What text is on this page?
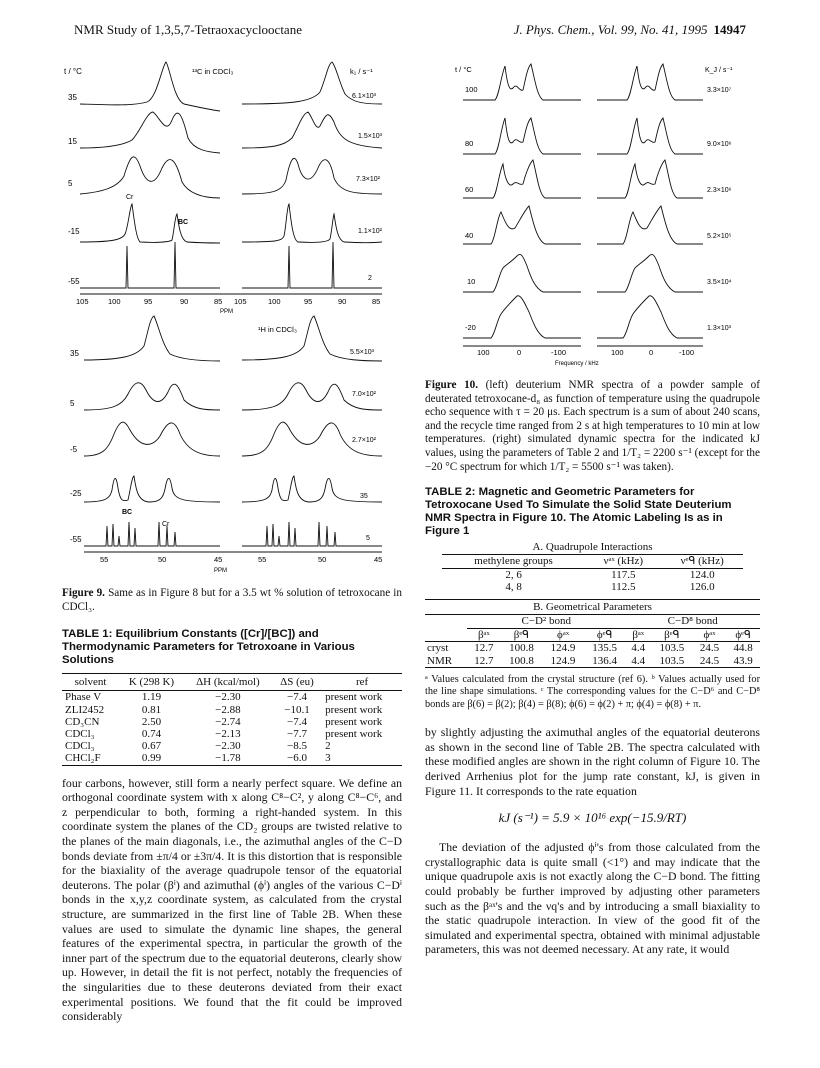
NMR Study of 1,3,5,7-Tetraoxacyclooctane	J. Phys. Chem., Vol. 99, No. 41, 1995 14947
t / °C	¹³C in CDCl₃	k₁ / s⁻¹
35
15
5
-15
-55
6.1×10³
1.5×10³
7.3×10²
1.1×10²
2
Cr
BC
105	100	95	90	85 105	100	95	90	85
PPM
¹H in CDCl₃
35
5
-5
-25
-55
5.5×10³
7.0×10²
2.7×10²
35
5
BC
Cr
55	50	45	55	50	45
PPM

Figure 9. Same as in Figure 8 but for a 3.5 wt % solution of tetroxocane in CDCl₃.

TABLE 1: Equilibrium Constants ([Cr]/[BC]) and Thermodynamic Parameters for Tetroxoane in Various Solutions

solvent	K (298 K)	ΔH (kcal/mol)	ΔS (eu)	ref
Phase V	1.19	−2.30	−7.4	present work
ZLI2452	0.81	−2.88	−10.1	present work
CD₃CN	2.50	−2.74	−7.4	present work
CDCl₃	0.74	−2.13	−7.7	present work
CDCl₃	0.67	−2.30	−8.5	2
CHCl₂F	0.99	−1.78	−6.0	3

four carbons, however, still form a nearly perfect square. We define an orthogonal coordinate system with x along C⁸−C², y along C⁸−C⁶, and z perpendicular to both, forming a right-handed system. In this coordinate system the planes of the CD₂ groups are twisted relative to the planes of the main diagonals, i.e., the azimuthal angles of the C−D bonds deviate from ±π/4 or ±3π/4. It is this distortion that is responsible for the biaxiality of the average quadrupole tensor of the equatorial deuterons. The polar (βⁱ) and azimuthal (ϕⁱ) angles of the various C−Dⁱ bonds in the x,y,z coordinate system, as calculated from the crystal structure, are summarized in the first line of Table 2B. When these values are used to simulate the dynamic line shapes, the general features of the experimental spectra, in particular the growth of the inner part of the spectrum due to the equatorial deuterons, clearly show up. However, in detail the fit is not perfect, notably the frequencies of the singularities due to these deuterons deviated from their exact experimental positions. We found that the fit could be improved considerably

t / °C	K_J / s⁻¹
100
80
60
40
10
-20
3.3×10⁷
9.0×10⁶
2.3×10⁶
5.2×10⁵
3.5×10⁴
1.3×10³
100	0	-100	100	0	-100
Frequency / kHz

Figure 10. (left) deuterium NMR spectra of a powder sample of deuterated tetroxocane-d₈ as function of temperature using the quadrupole echo sequence with τ = 20 μs. Each spectrum is a sum of about 240 scans, and the recycle time ranged from 2 s at high temperatures to 10 min at low temperatures. (right) simulated dynamic spectra for the indicated kJ values, using the parameters of Table 2 and 1/T₂ = 2200 s⁻¹ (except for the −20 °C spectrum for which 1/T₂ = 5500 s⁻¹ was taken).

TABLE 2: Magnetic and Geometric Parameters for Tetroxocane Used To Simulate the Solid State Deuterium NMR Spectra in Figure 10. The Atomic Labeling Is as in Figure 1

A. Quadrupole Interactions

methylene groups	νᵃˣ (kHz)	νᵉᑫ (kHz)
2, 6	117.5	124.0
4, 8	112.5	126.0

B. Geometrical Parameters

	C−D² bond				C−D⁸ bond			
	βᵃˣ	βᵉᑫ	ϕᵃˣ	ϕᵉᑫ	βᵃˣ	βᵉᑫ	ϕᵃˣ	ϕᵉᑫ
cryst	12.7	100.8	124.9	135.5	4.4	103.5	24.5	44.8
NMR	12.7	100.8	124.9	136.4	4.4	103.5	24.5	43.9

ᵃ Values calculated from the crystal structure (ref 6). ᵇ Values actually used for the line shape simulations. ᶜ The corresponding values for the C−D⁶ and C−D⁸ bonds are β(6) = β(2); β(4) = β(8); ϕ(6) = ϕ(2) + π; ϕ(4) = ϕ(8) + π.

by slightly adjusting the aximuthal angles of the equatorial deuterons as shown in the second line of Table 2B. The spectra calculated with these modified angles are shown in the right column of Figure 10. The derived Arrhenius plot for the jump rate constant, kJ, is given in Figure 11. It corresponds to the rate equation

kJ (s⁻¹) = 5.9 × 10¹⁶ exp(−15.9/RT)

The deviation of the adjusted ϕⁱ's from those calculated from the crystallographic data is quite small (<1°) and may indicate that the unique quadrupole axis is not exactly along the C−D bond. The fitting could probably be further improved by adjusting other parameters such as the βᵃˣ's and the νq's and by introducing a small biaxiality to the static quadrupole interaction. In view of the good fit of the simulated and experimental spectra, obtained with minimal adjustable parameters, this was not deemed necessary. At any rate, it would
